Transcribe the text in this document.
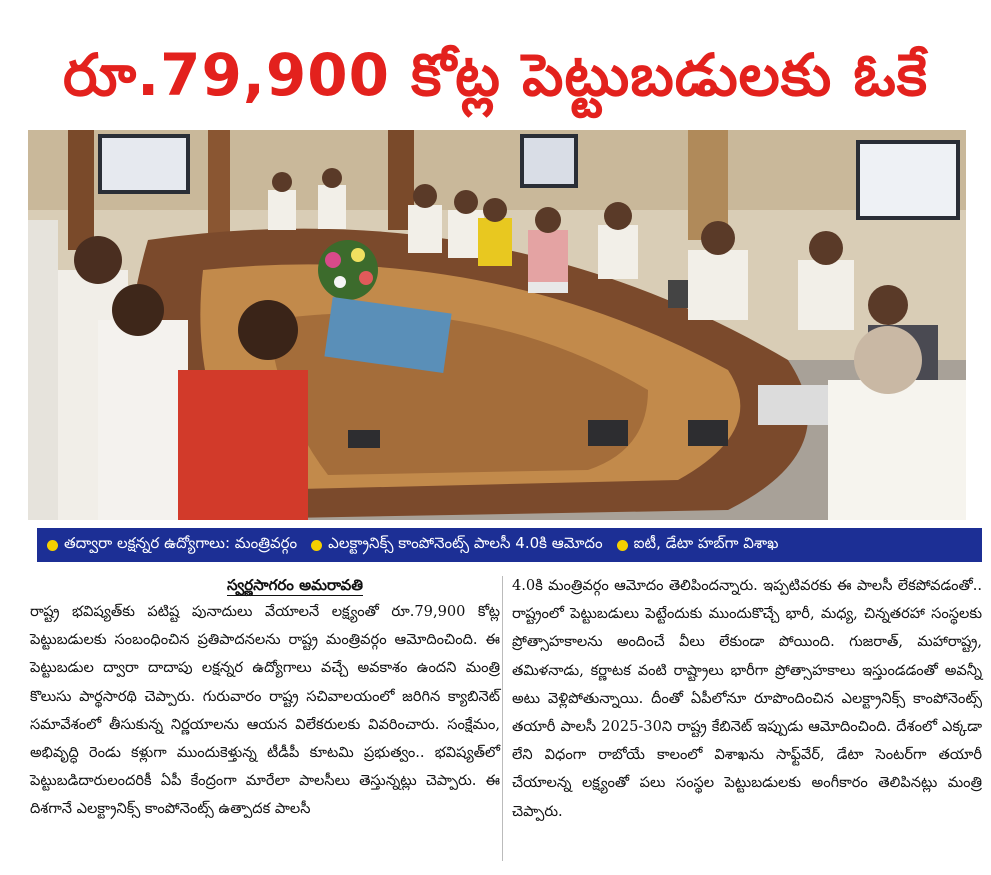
రూ.79,900 కోట్ల పెట్టుబడులకు ఓకే
తద్వారా లక్షన్నర ఉద్యోగాలు: మంత్రివర్గం ఎలక్ట్రానిక్స్ కాంపోనెంట్స్ పాలసీ 4.0కి ఆమోదం ఐటీ, డేటా హబ్‌గా విశాఖ
స్వర్ణసాగరం అమరావతి

రాష్ట్ర భవిష్యత్‌కు పటిష్ట పునాదులు వేయాలనే లక్ష్యంతో రూ.79,900 కోట్ల పెట్టుబడులకు సంబంధించిన ప్రతిపాదనలను రాష్ట్ర మంత్రివర్గం ఆమోదించింది. ఈ పెట్టుబడుల ద్వారా దాదాపు లక్షన్నర ఉద్యోగాలు వచ్చే అవకాశం ఉందని మంత్రి కొలుసు పార్థసారథి చెప్పారు. గురువారం రాష్ట్ర సచివాలయంలో జరిగిన క్యాబినెట్ సమావేశంలో తీసుకున్న నిర్ణయాలను ఆయన విలేకరులకు వివరించారు. సంక్షేమం, అభివృద్ధి రెండు కళ్లుగా ముందుకెళ్తున్న టీడీపీ కూటమి ప్రభుత్వం.. భవిష్యత్‌లో పెట్టుబడిదారులందరికీ ఏపీ కేంద్రంగా మారేలా పాలసీలు తెస్తున్నట్లు చెప్పారు. ఈ దిశగానే ఎలక్ట్రానిక్స్ కాంపోనెంట్స్ ఉత్పాదక పాలసీ

4.0కి మంత్రివర్గం ఆమోదం తెలిపిందన్నారు. ఇప్పటివరకు ఈ పాలసీ లేకపోవడంతో.. రాష్ట్రంలో పెట్టుబడులు పెట్టేందుకు ముందుకొచ్చే భారీ, మధ్య, చిన్నతరహా సంస్థలకు ప్రోత్సాహకాలను అందించే వీలు లేకుండా పోయింది. గుజరాత్, మహారాష్ట్ర, తమిళనాడు, కర్ణాటక వంటి రాష్ట్రాలు భారీగా ప్రోత్సాహకాలు ఇస్తుండడంతో అవన్నీ అటు వెళ్లిపోతున్నాయి. దీంతో ఏపీలోనూ రూపొందించిన ఎలక్ట్రానిక్స్ కాంపోనెంట్స్ తయారీ పాలసీ 2025-30ని రాష్ట్ర కేబినెట్ ఇప్పుడు ఆమోదించింది. దేశంలో ఎక్కడా లేని విధంగా రాబోయే కాలంలో విశాఖను సాఫ్ట్‌వేర్, డేటా సెంటర్‌గా తయారీ చేయాలన్న లక్ష్యంతో పలు సంస్థల పెట్టుబడులకు అంగీకారం తెలిపినట్లు మంత్రి చెప్పారు.
